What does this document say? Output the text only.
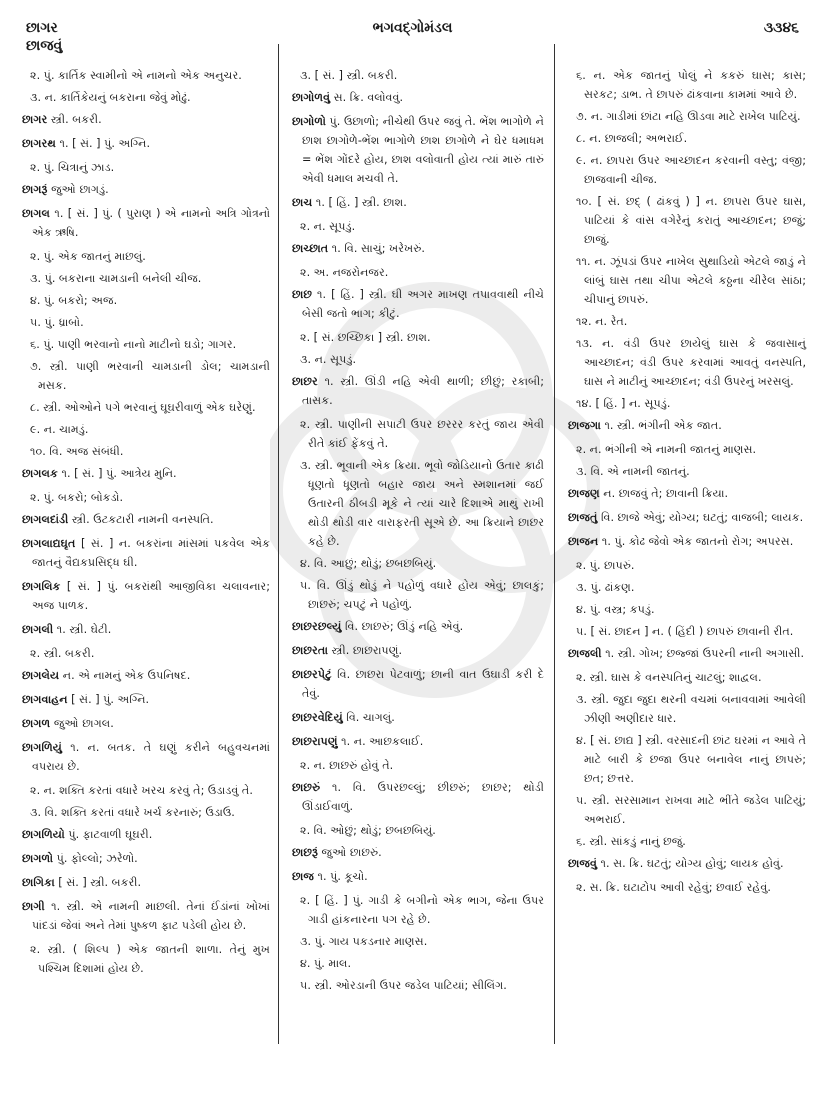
છાગર
છાજવું
ભગવદ્ગોમંડલ	૩૩૪૬

૨. પું. કાર્તિક સ્વામીનો એ નામનો એક અનુચર.

૩. ન. કાર્તિકેયનું બકરાના જેવું મોઢું.

છાગર સ્ત્રી. બકરી.

છાગરથ ૧. [ સં. ] પું. અગ્નિ.

૨. પું. ચિત્રાનું ઝાડ.

છાગરૂં જુઓ છાગડું.

છાગલ ૧. [ સં. ] પું. ( પુરાણ ) એ નામનો અત્રિ ગોત્રનો એક ઋષિ.

૨. પું. એક જાતનું માછલું.

૩. પું. બકરાના ચામડાની બનેલી ચીજ.

૪. પું. બકરો; અજ.

૫. પું. ધ્રાબો.

૬. પું. પાણી ભરવાનો નાનો માટીનો ઘડો; ગાગર.

૭. સ્ત્રી. પાણી ભરવાની ચામડાની ડોલ; ચામડાની મસક.

૮. સ્ત્રી. ઓઓને પગે ભરવાનું ઘૂઘરીવાળું એક ઘરેણું.

૯. ન. ચામડું.

૧૦. વિ. અજ સંબંધી.

છાગલક ૧. [ સં. ] પું. આત્રેય મુનિ.

૨. પું. બકરો; બોકડો.

છાગલદાંડી સ્ત્રી. ઉટકટારી નામની વનસ્પતિ.

છાગલાદ્યઘૃત [ સં. ] ન. બકરાંના માંસમાં પકવેલ એક જાતનું વૈદ્યકપ્રસિદ્ધ ઘી.

છાગલિક [ સં. ] પું. બકરાંથી આજીવિકા ચલાવનાર; અજ પાળક.

છાગલી ૧. સ્ત્રી. ઘેટી.

૨. સ્ત્રી. બકરી.

છાગલેય ન. એ નામનું એક ઉપનિષદ.

છાગવાહન [ સં. ] પું. અગ્નિ.

છાગળ જુઓ છાગલ.

છાગળિયું ૧. ન. બતક. તે ઘણું કરીને બહુવચનમાં વપરાય છે.

૨. ન. શક્તિ કરતાં વધારે ખરચ કરવું તે; ઉડાડવું તે.

૩. વિ. શક્તિ કરતાં વધારે ખર્ચ કરનારું; ઉડાઉ.

છાગળિયો પું. ફાટવાળી ઘૂઘરી.

છાગળો પું. ફોલ્લો; ઝરેળો.

છાગિકા [ સં. ] સ્ત્રી. બકરી.

છાગી ૧. સ્ત્રી. એ નામની માછલી. તેનાં ઈંડાંનાં ખોખાં પાંદડાં જેવાં અને તેમાં પુષ્કળ ફાટ પડેલી હોય છે.

૨. સ્ત્રી. ( શિલ્પ ) એક જાતની શાળા. તેનું મુખ પશ્ચિમ દિશામાં હોય છે.

૩. [ સં. ] સ્ત્રી. બકરી.

છાગોળવું સ. ક્રિ. વલોવવું.

છાગોળો પું. ઉછાળો; નીચેથી ઉપર જવું તે. ભેંશ ભાગોળે ને છાશ છાગોળે-ભેંશ ભાગોળે છાશ છાગોળે ને ઘેર ધમાધમ = ભેંશ ગોંદરે હોય, છાશ વલોવાતી હોય ત્યાં મારું તારું એવી ધમાલ મચવી તે.

છાચ ૧. [ હિં. ] સ્ત્રી. છાશ.

૨. ન. સૂપડું.

છાચ્છાત ૧. વિ. સાચું; ખરેખરું.

૨. અ. નજરોનજર.

છાછ ૧. [ હિં. ] સ્ત્રી. ઘી અગર માખણ તપાવવાથી નીચે બેસી જતો ભાગ; કીટું.

૨. [ સં. છચ્છિકા ] સ્ત્રી. છાશ.

૩. ન. સૂપડું.

છાછર ૧. સ્ત્રી. ઊંડી નહિ એવી થાળી; છીછું; રકાબી; તાસક.

૨. સ્ત્રી. પાણીની સપાટી ઉપર છરરર કરતું જાય એવી રીતે કાંઈ ફેંકવું તે.

૩. સ્ત્રી. ભૂવાની એક ક્રિયા. ભૂવો જોડિયાનો ઉતાર કાઢી ધૂણતો ધૂણતો બહાર જાય અને સ્મશાનમાં જઈ ઉતારની ઠીબડી મૂકે ને ત્યાં ચારે દિશાએ માથું રાખી થોડી થોડી વાર વારાફરતી સૂએ છે. આ ક્રિયાને છાછર કહે છે.

૪. વિ. આછું; થોડું; છબછબિયું.

૫. વિ. ઊંડું થોડું ને પહોળું વધારે હોય એવું; છાલકું; છાછરું; ચપટું ને પહોળું.

છાછરછલ્યું વિ. છાછરું; ઊંડું નહિ એવું.

છાછરતા સ્ત્રી. છાછરાપણું.

છાછરપેટું વિ. છાછરા પેટવાળું; છાની વાત ઉઘાડી કરી દે તેવું.

છાછરવેદિયું વિ. ચાગલું.

છાછરાપણું ૧. ન. આછકલાઈ.

૨. ન. છાછરું હોવું તે.

છાછરું ૧. વિ. ઉપરછલ્લું; છીછરું; છાછર; થોડી ઊંડાઈવાળું.

૨. વિ. ઓછું; થોડું; છબછબિયું.

છાછરૂં જુઓ છાછરું.

છાજ ૧. પું. કૂચો.

૨. [ હિં. ] પું. ગાડી કે બગીનો એક ભાગ, જેના ઉપર ગાડી હાંકનારના પગ રહે છે.

૩. પું. ગાય પકડનાર માણસ.

૪. પું. માલ.

૫. સ્ત્રી. ઓરડાની ઉપર જડેલ પાટિયાં; સીલિંગ.

૬. ન. એક જાતનું પોલું ને કકરું ઘાસ; કાસ; સરકટ; ડાભ. તે છાપરું ઢાંકવાના કામમાં આવે છે.

૭. ન. ગાડીમાં છાંટા નહિ ઊડવા માટે રાખેલ પાટિયું.

૮. ન. છાજલી; અભરાઈ.

૯. ન. છાપરા ઉપર આચ્છાદન કરવાની વસ્તુ; વંજી; છાજવાની ચીજ.

૧૦. [ સં. છદ્ ( ઢાંકવું ) ] ન. છાપરા ઉપર ઘાસ, પાટિયાં કે વાંસ વગેરેનું કરાતું આચ્છાદન; છજું; છાજું.

૧૧. ન. ઝૂંપડાં ઉપર નાખેલ સુથાડિયો એટલે જાડું ને લાંબું ઘાસ તથા ચીપા એટલે કઠ્ઠના ચીરેલ સાંઠા; ચીપાનું છાપરું.

૧૨. ન. રેત.

૧૩. ન. વંડી ઉપર છાયેલું ઘાસ કે જવાસાનું આચ્છાદન; વંડી ઉપર કરવામાં આવતું વનસ્પતિ, ઘાસ ને માટીનું આચ્છાદન; વંડી ઉપરનું ખરસલું.

૧૪. [ હિં. ] ન. સૂપડું.

છાજગા ૧. સ્ત્રી. ભંગીની એક જાત.

૨. ન. ભંગીની એ નામની જાતનું માણસ.

૩. વિ. એ નામની જાતનું.

છાજણ ન. છાજવું તે; છાવાની ક્રિયા.

છાજતું વિ. છાજે એવું; યોગ્ય; ઘટતું; વાજબી; લાયક.

છાજન ૧. પું. કોઢ જેવો એક જાતનો રોગ; અપરસ.

૨. પું. છાપરું.

૩. પું. ઢાંકણ.

૪. પું. વસ્ત્ર; કપડું.

૫. [ સં. છાદન ] ન. ( હિંદી ) છાપરું છાવાની રીત.

છાજલી ૧. સ્ત્રી. ગોખ; છજ્જાં ઉપરની નાની અગાસી.

૨. સ્ત્રી. ઘાસ કે વનસ્પતિનું ચાટલું; શાદ્વલ.

૩. સ્ત્રી. જુદા જુદા થરની વચમાં બનાવવામાં આવેલી ઝીણી અણીદાર ધાર.

૪. [ સં. છાદ્ય ] સ્ત્રી. વરસાદની છાંટ ઘરમાં ન આવે તે માટે બારી કે છજા ઉપર બનાવેલ નાનું છાપરું; છત; છત્તર.

૫. સ્ત્રી. સરસામાન રાખવા માટે ભીંતે જડેલ પાટિયું; અભરાઈ.

૬. સ્ત્રી. સાંકડું નાનું છજું.

છાજવું ૧. સ. ક્રિ. ઘટતું; યોગ્ય હોવું; લાયક હોવું.

૨. સ. ક્રિ. ઘટાટોપ આવી રહેવું; છવાઈ રહેવું.
